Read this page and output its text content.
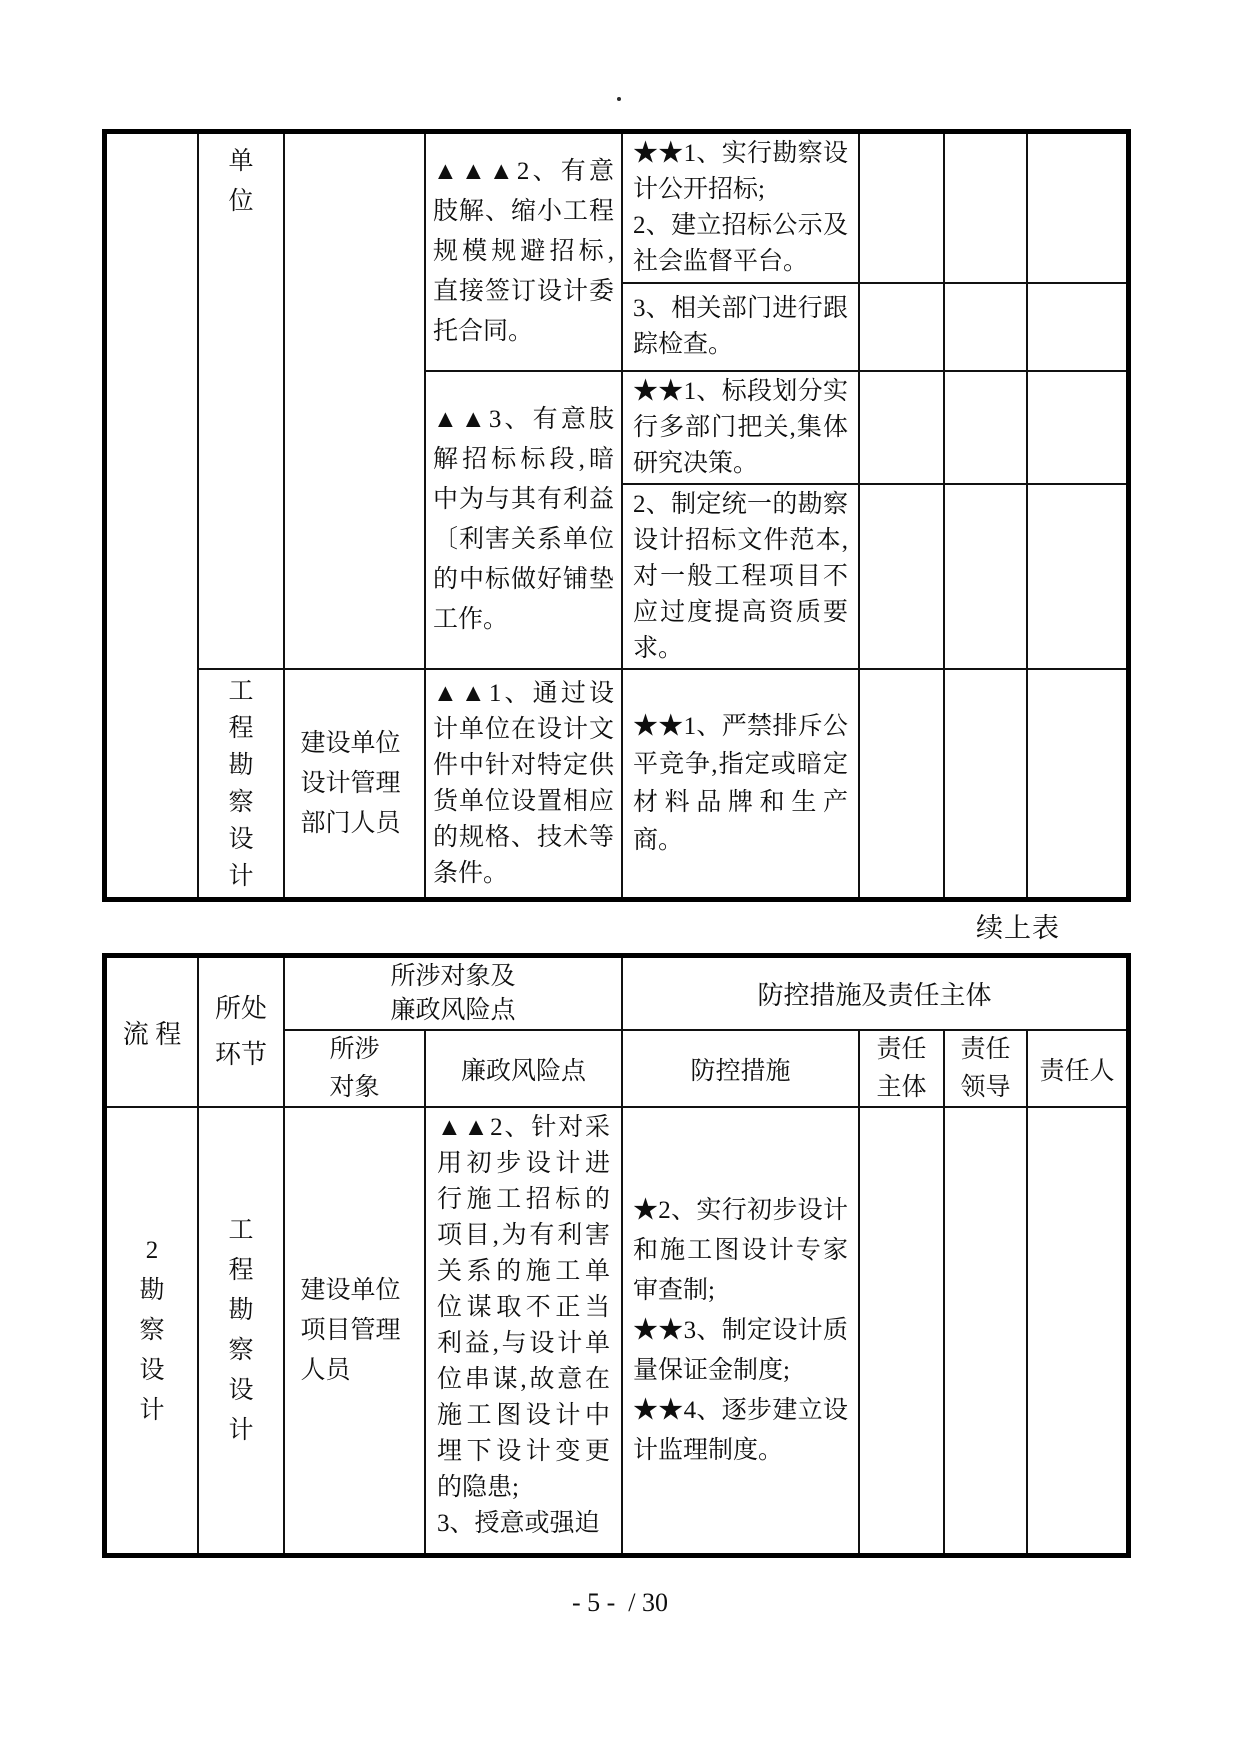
单位
▲▲▲2、有意肢解、缩小工程规模规避招标,直接签订设计委托合同。
★★1、实行勘察设计公开招标;
2、建立招标公示及社会监督平台。
3、相关部门进行跟踪检查。
▲▲3、有意肢解招标标段,暗中为与其有利益〔利害关系单位的中标做好铺垫工作。
★★1、标段划分实行多部门把关,集体研究决策。
2、制定统一的勘察设计招标文件范本,对一般工程项目不应过度提高资质要求。
工程勘察设计
建设单位设计管理部门人员
▲▲1、通过设计单位在设计文件中针对特定供货单位设置相应的规格、技术等条件。
★★1、严禁排斥公平竞争,指定或暗定材料品牌和生产商。
续上表
流 程
所处环节
所涉对象及廉政风险点	防控措施及责任主体
所涉对象
廉政风险点	防控措施
责任主体
责任领导
责任人
2勘察设计
工程勘察设计
建设单位项目管理人员
▲▲2、针对采用初步设计进行施工招标的项目,为有利害关系的施工单位谋取不正当利益,与设计单位串谋,故意在施工图设计中埋下设计变更的隐患;
3、授意或强迫
★2、实行初步设计和施工图设计专家审查制;
★★3、制定设计质量保证金制度;
★★4、逐步建立设计监理制度。
- 5 -  / 30
